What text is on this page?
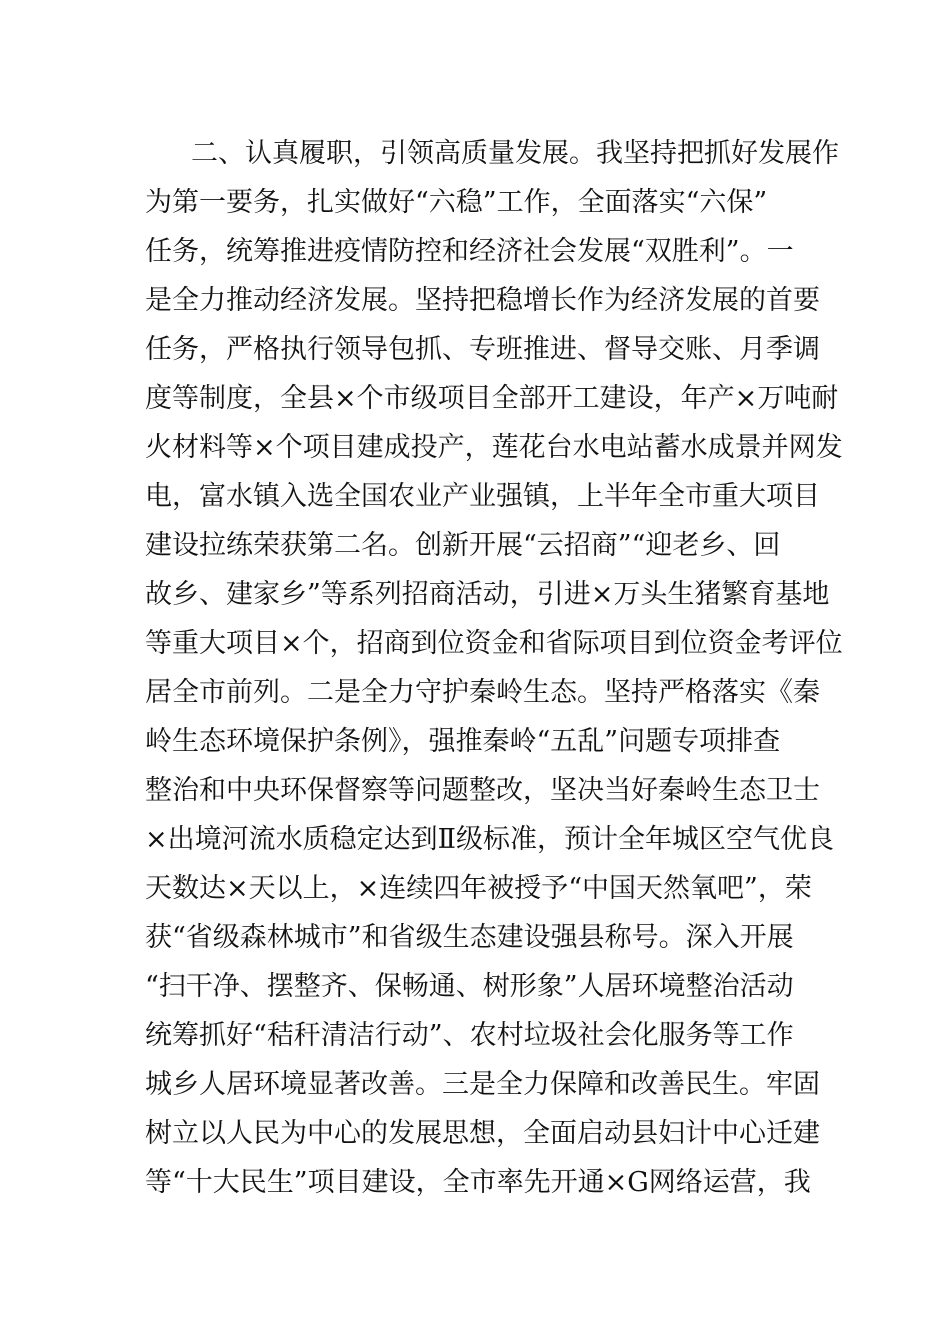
二、认真履职，引领高质量发展。我坚持把抓好发展作
为第一要务，扎实做好“六稳”工作，全面落实“六保”
任务，统筹推进疫情防控和经济社会发展“双胜利”。一
是全力推动经济发展。坚持把稳增长作为经济发展的首要
任务，严格执行领导包抓、专班推进、督导交账、月季调
度等制度，全县×个市级项目全部开工建设，年产×万吨耐
火材料等×个项目建成投产，莲花台水电站蓄水成景并网发
电，富水镇入选全国农业产业强镇，上半年全市重大项目
建设拉练荣获第二名。创新开展“云招商”“迎老乡、回
故乡、建家乡”等系列招商活动，引进×万头生猪繁育基地
等重大项目×个，招商到位资金和省际项目到位资金考评位
居全市前列。二是全力守护秦岭生态。坚持严格落实《秦
岭生态环境保护条例》，强推秦岭“五乱”问题专项排查
整治和中央环保督察等问题整改，坚决当好秦岭生态卫士
×出境河流水质稳定达到Ⅱ级标准，预计全年城区空气优良
天数达×天以上，×连续四年被授予“中国天然氧吧”，荣
获“省级森林城市”和省级生态建设强县称号。深入开展
“扫干净、摆整齐、保畅通、树形象”人居环境整治活动
统筹抓好“秸秆清洁行动”、农村垃圾社会化服务等工作
城乡人居环境显著改善。三是全力保障和改善民生。牢固
树立以人民为中心的发展思想，全面启动县妇计中心迁建
等“十大民生”项目建设，全市率先开通×G网络运营，我
